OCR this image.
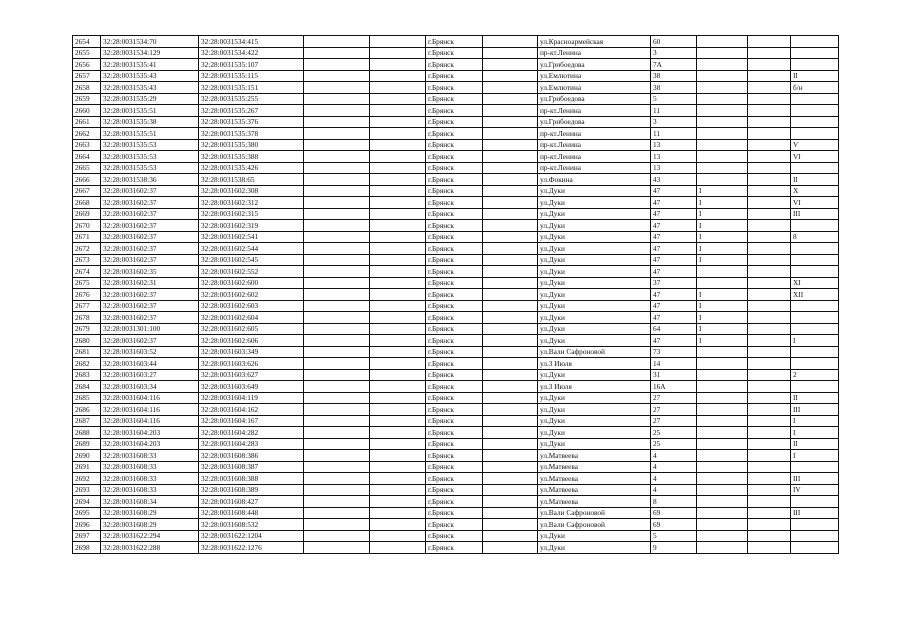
2654	32:28:0031534:70	32:28:0031534:415			г.Брянск		ул.Красноармейская	60			
2655	32:28:0031534:129	32:28:0031534:422			г.Брянск		пр-кт.Ленина	3			
2656	32:28:0031535:41	32:28:0031535:107			г.Брянск		ул.Грибоедова	7А			
2657	32:28:0031535:43	32:28:0031535:115			г.Брянск		ул.Емлютина	38			II
2658	32:28:0031535:43	32:28:0031535:151			г.Брянск		ул.Емлютина	38			б/н
2659	32:28:0031535:29	32:28:0031535:255			г.Брянск		ул.Грибоедова	5			
2660	32:28:0031535:51	32:28:0031535:267			г.Брянск		пр-кт.Ленина	11			
2661	32:28:0031535:38	32:28:0031535:376			г.Брянск		ул.Грибоедова	3			
2662	32:28:0031535:51	32:28:0031535:378			г.Брянск		пр-кт.Ленина	11			
2663	32:28:0031535:53	32:28:0031535:380			г.Брянск		пр-кт.Ленина	13			V
2664	32:28:0031535:53	32:28:0031535:388			г.Брянск		пр-кт.Ленина	13			VI
2665	32:28:0031535:53	32:28:0031535:426			г.Брянск		пр-кт.Ленина	13			
2666	32:28:0031538:36	32:28:0031538:65			г.Брянск		ул.Фокина	43			II
2667	32:28:0031602:37	32:28:0031602:308			г.Брянск		ул.Дуки	47	I		X
2668	32:28:0031602:37	32:28:0031602:312			г.Брянск		ул.Дуки	47	I		VI
2669	32:28:0031602:37	32:28:0031602:315			г.Брянск		ул.Дуки	47	I		III
2670	32:28:0031602:37	32:28:0031602:319			г.Брянск		ул.Дуки	47	I		
2671	32:28:0031602:37	32:28:0031602:541			г.Брянск		ул.Дуки	47	I		8
2672	32:28:0031602:37	32:28:0031602:544			г.Брянск		ул.Дуки	47	I		
2673	32:28:0031602:37	32:28:0031602:545			г.Брянск		ул.Дуки	47	I		
2674	32:28:0031602:35	32:28:0031602:552			г.Брянск		ул.Дуки	47			
2675	32:28:0031602:31	32:28:0031602:600			г.Брянск		ул.Дуки	37			XI
2676	32:28:0031602:37	32:28:0031602:602			г.Брянск		ул.Дуки	47	I		XII
2677	32:28:0031602:37	32:28:0031602:603			г.Брянск		ул.Дуки	47	I		
2678	32:28:0031602:37	32:28:0031602:604			г.Брянск		ул.Дуки	47	I		
2679	32:28:0031301:100	32:28:0031602:605			г.Брянск		ул.Дуки	64	I		
2680	32:28:0031602:37	32:28:0031602:606			г.Брянск		ул.Дуки	47	I		I
2681	32:28:0031603:52	32:28:0031603:349			г.Брянск		ул.Вали Сафроновой	73			
2682	32:28:0031603:44	32:28:0031603:626			г.Брянск		ул.3 Июля	14			
2683	32:28:0031603:27	32:28:0031603:627			г.Брянск		ул.Дуки	31			2
2684	32:28:0031603:34	32:28:0031603:649			г.Брянск		ул.3 Июля	16А			
2685	32:28:0031604:116	32:28:0031604:119			г.Брянск		ул.Дуки	27			II
2686	32:28:0031604:116	32:28:0031604:162			г.Брянск		ул.Дуки	27			III
2687	32:28:0031604:116	32:28:0031604:167			г.Брянск		ул.Дуки	27			I
2688	32:28:0031604:203	32:28:0031604:282			г.Брянск		ул.Дуки	25			I
2689	32:28:0031604:203	32:28:0031604:283			г.Брянск		ул.Дуки	25			II
2690	32:28:0031608:33	32:28:0031608:386			г.Брянск		ул.Матвеева	4			I
2691	32:28:0031608:33	32:28:0031608:387			г.Брянск		ул.Матвеева	4			
2692	32:28:0031608:33	32:28:0031608:388			г.Брянск		ул.Матвеева	4			III
2693	32:28:0031608:33	32:28:0031608:389			г.Брянск		ул.Матвеева	4			IV
2694	32:28:0031608:34	32:28:0031608:427			г.Брянск		ул.Матвеева	8			
2695	32:28:0031608:29	32:28:0031608:448			г.Брянск		ул.Вали Сафроновой	69			III
2696	32:28:0031608:29	32:28:0031608:532			г.Брянск		ул.Вали Сафроновой	69			
2697	32:28:0031622:294	32:28:0031622:1204			г.Брянск		ул.Дуки	5			
2698	32:28:0031622:288	32:28:0031622:1276			г.Брянск		ул.Дуки	9			
